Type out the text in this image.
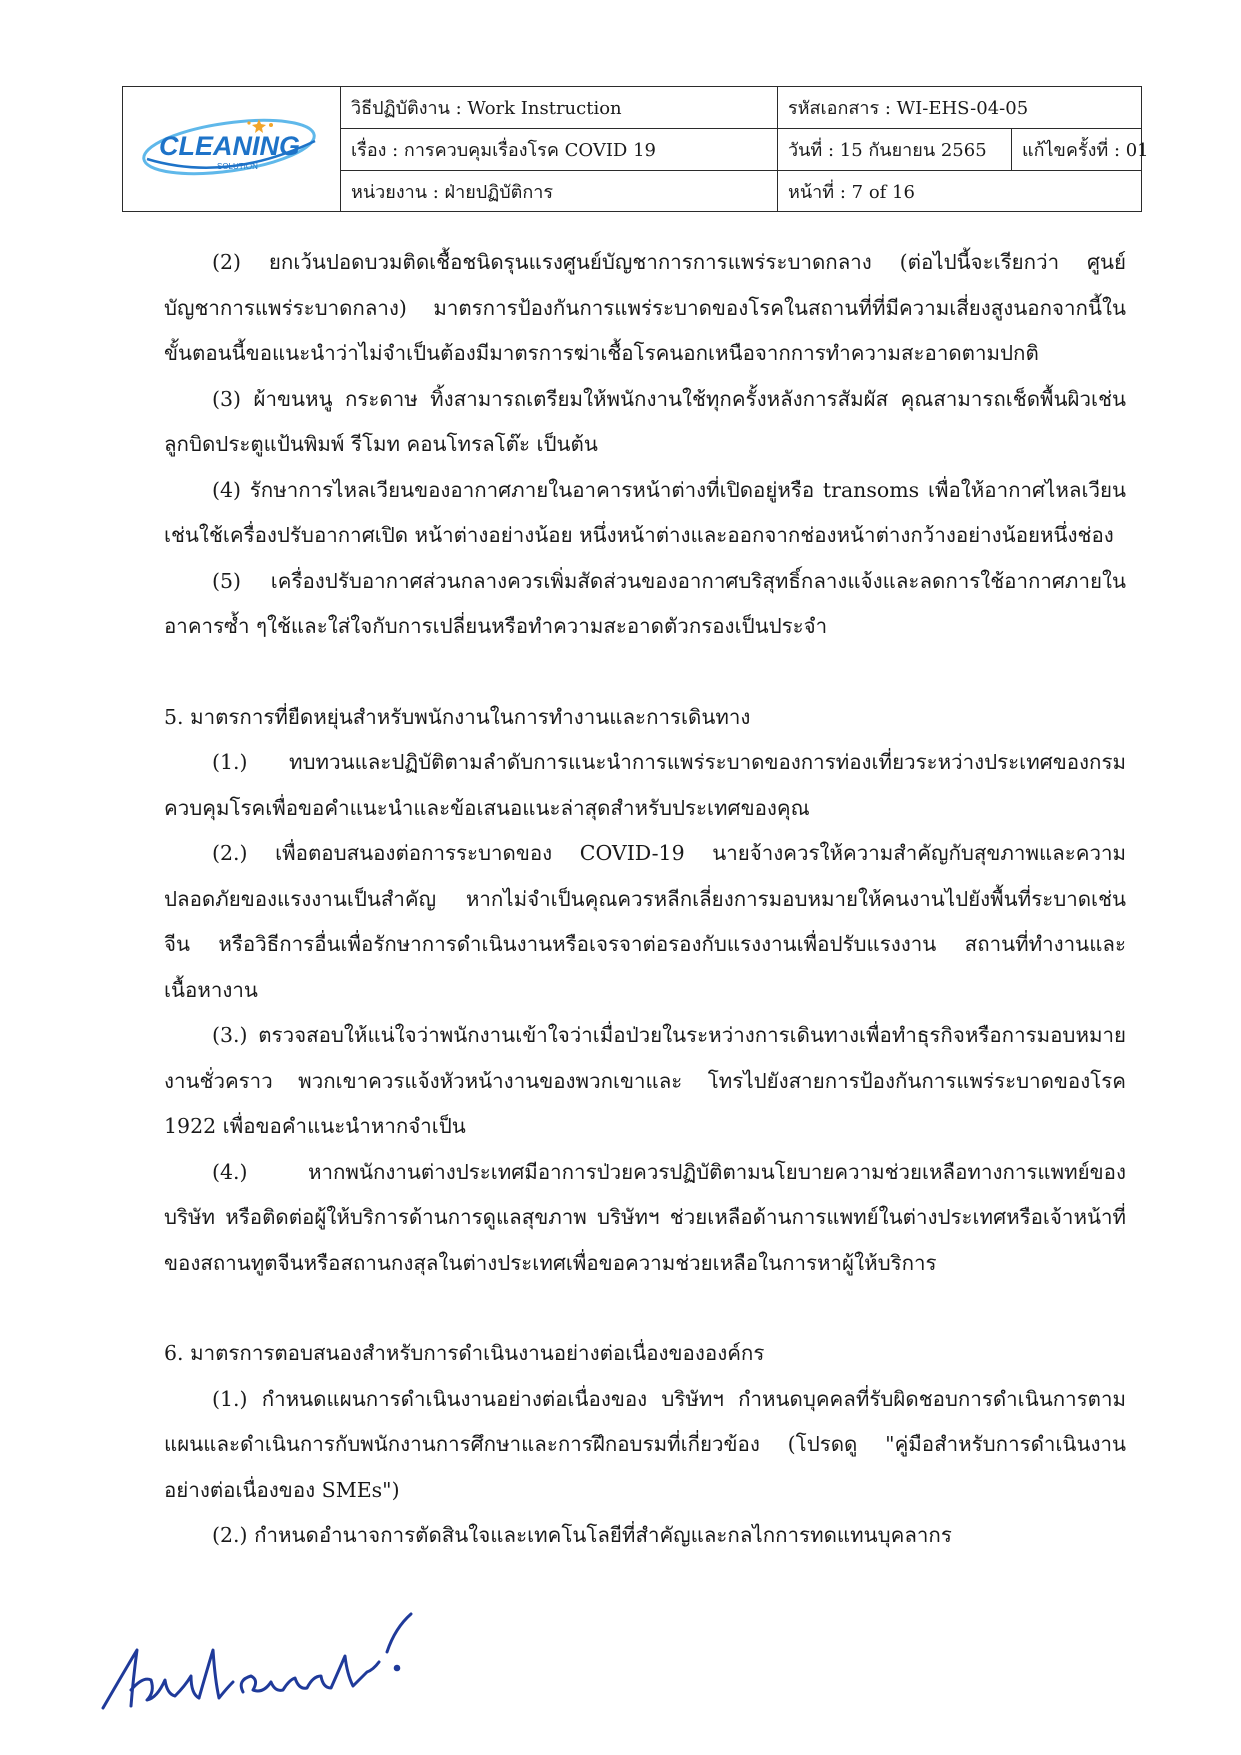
CLEANING
SOLUTION
วิธีปฏิบัติงาน : Work Instruction	รหัสเอกสาร : WI-EHS-04-05
เรื่อง : การควบคุมเรื่องโรค COVID 19	วันที่ : 15 กันยายน 2565 แก้ไขครั้งที่ : 01
หน่วยงาน : ฝ่ายปฏิบัติการ	หน้าที่ : 7 of 16

(2) ยกเว้นปอดบวมติดเชื้อชนิดรุนแรงศูนย์บัญชาการการแพร่ระบาดกลาง (ต่อไปนี้จะเรียกว่า ศูนย์บัญชาการแพร่ระบาดกลาง) มาตรการป้องกันการแพร่ระบาดของโรคในสถานที่ที่มีความเสี่ยงสูงนอกจากนี้ในขั้นตอนนี้ขอแนะนำว่าไม่จำเป็นต้องมีมาตรการฆ่าเชื้อโรคนอกเหนือจากการทำความสะอาดตามปกติ

(3) ผ้าขนหนู กระดาษ ทิ้งสามารถเตรียมให้พนักงานใช้ทุกครั้งหลังการสัมผัส คุณสามารถเช็ดพื้นผิวเช่นลูกบิดประตูแป้นพิมพ์ รีโมท คอนโทรลโต๊ะ เป็นต้น

(4) รักษาการไหลเวียนของอากาศภายในอาคารหน้าต่างที่เปิดอยู่หรือ transoms เพื่อให้อากาศไหลเวียนเช่นใช้เครื่องปรับอากาศเปิด หน้าต่างอย่างน้อย หนึ่งหน้าต่างและออกจากช่องหน้าต่างกว้างอย่างน้อยหนึ่งช่อง

(5) เครื่องปรับอากาศส่วนกลางควรเพิ่มสัดส่วนของอากาศบริสุทธิ์กลางแจ้งและลดการใช้อากาศภายในอาคารซ้ำ ๆใช้และใส่ใจกับการเปลี่ยนหรือทำความสะอาดตัวกรองเป็นประจำ

5. มาตรการที่ยืดหยุ่นสำหรับพนักงานในการทำงานและการเดินทาง

(1.) ทบทวนและปฏิบัติตามลำดับการแนะนำการแพร่ระบาดของการท่องเที่ยวระหว่างประเทศของกรมควบคุมโรคเพื่อขอคำแนะนำและข้อเสนอแนะล่าสุดสำหรับประเทศของคุณ

(2.) เพื่อตอบสนองต่อการระบาดของ COVID-19 นายจ้างควรให้ความสำคัญกับสุขภาพและความปลอดภัยของแรงงานเป็นสำคัญ หากไม่จำเป็นคุณควรหลีกเลี่ยงการมอบหมายให้คนงานไปยังพื้นที่ระบาดเช่นจีน หรือวิธีการอื่นเพื่อรักษาการดำเนินงานหรือเจรจาต่อรองกับแรงงานเพื่อปรับแรงงาน สถานที่ทำงานและเนื้อหางาน

(3.) ตรวจสอบให้แน่ใจว่าพนักงานเข้าใจว่าเมื่อป่วยในระหว่างการเดินทางเพื่อทำธุรกิจหรือการมอบหมายงานชั่วคราว พวกเขาควรแจ้งหัวหน้างานของพวกเขาและ โทรไปยังสายการป้องกันการแพร่ระบาดของโรค 1922 เพื่อขอคำแนะนำหากจำเป็น

(4.) หากพนักงานต่างประเทศมีอาการป่วยควรปฏิบัติตามนโยบายความช่วยเหลือทางการแพทย์ของ บริษัท หรือติดต่อผู้ให้บริการด้านการดูแลสุขภาพ บริษัทฯ ช่วยเหลือด้านการแพทย์ในต่างประเทศหรือเจ้าหน้าที่ของสถานทูตจีนหรือสถานกงสุลในต่างประเทศเพื่อขอความช่วยเหลือในการหาผู้ให้บริการ

6. มาตรการตอบสนองสำหรับการดำเนินงานอย่างต่อเนื่องขององค์กร

(1.) กำหนดแผนการดำเนินงานอย่างต่อเนื่องของ บริษัทฯ กำหนดบุคคลที่รับผิดชอบการดำเนินการตามแผนและดำเนินการกับพนักงานการศึกษาและการฝึกอบรมที่เกี่ยวข้อง (โปรดดู "คู่มือสำหรับการดำเนินงานอย่างต่อเนื่องของ SMEs")

(2.) กำหนดอำนาจการตัดสินใจและเทคโนโลยีที่สำคัญและกลไกการทดแทนบุคลากร
